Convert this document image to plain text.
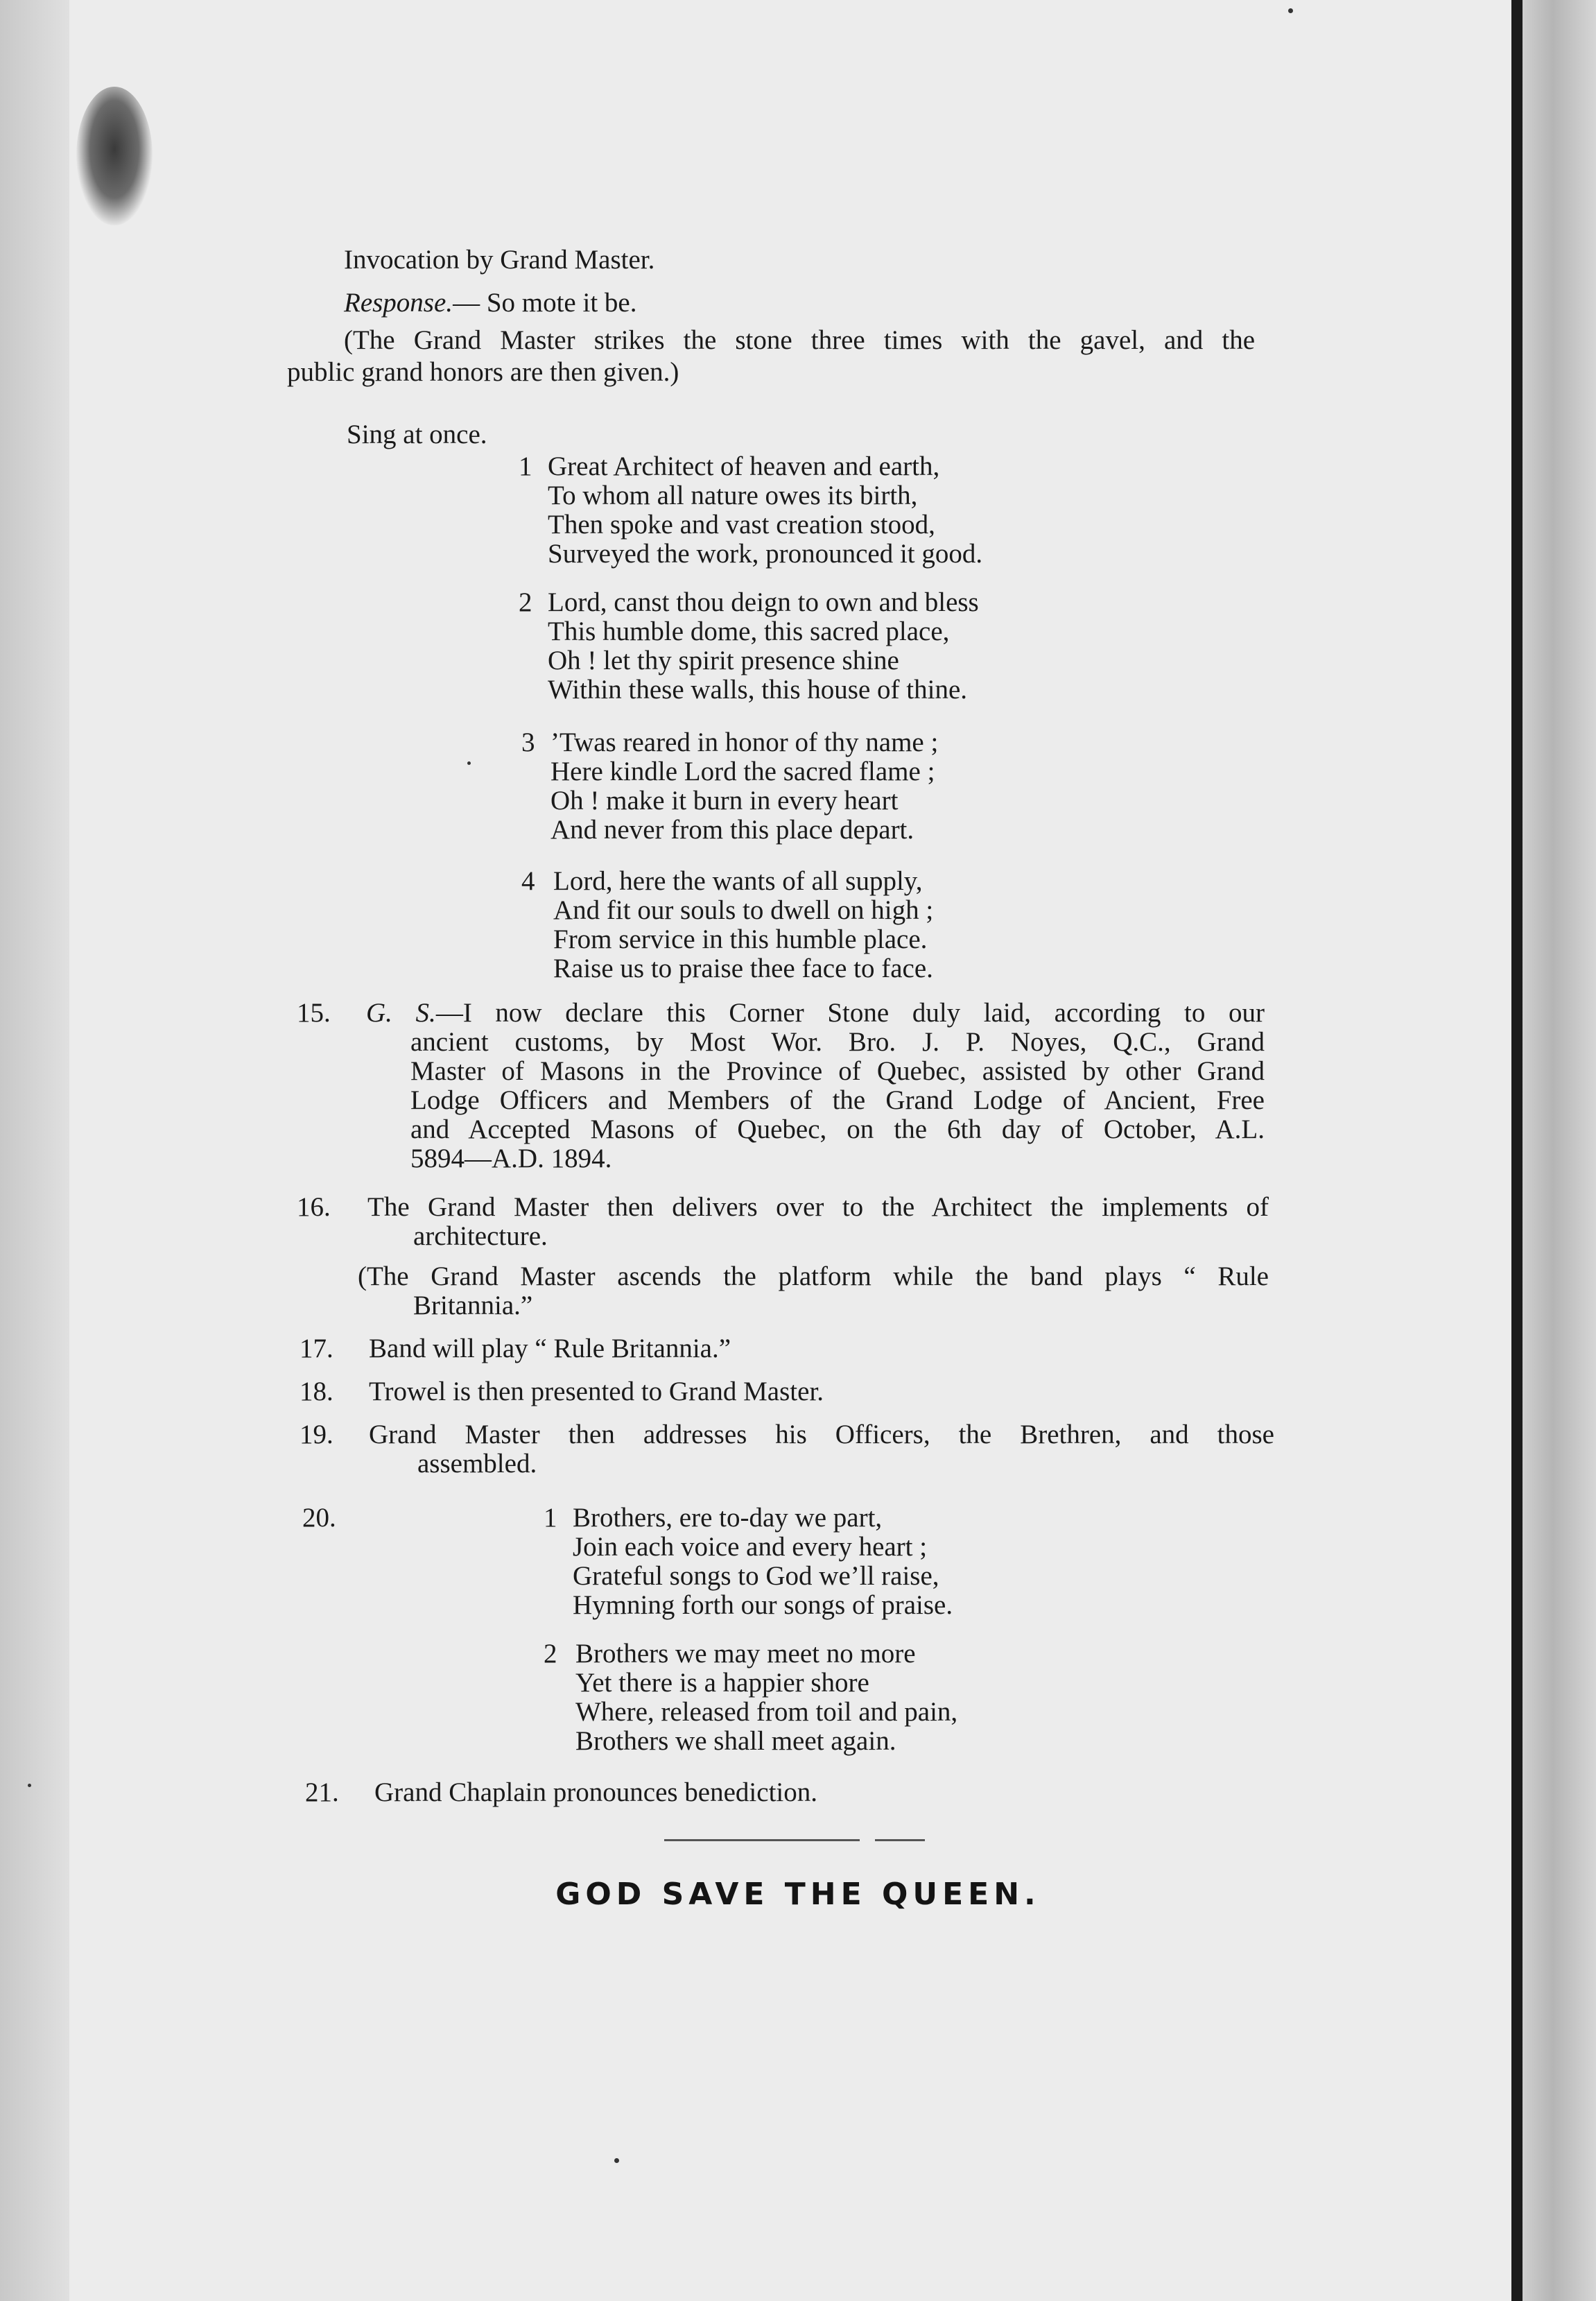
Invocation by Grand Master.
Response.— So mote it be.
(The Grand Master strikes the stone three times with the gavel, and the
public grand honors are then given.)
Sing at once.
1 Great Architect of heaven and earth,
To whom all nature owes its birth,
Then spoke and vast creation stood,
Surveyed the work, pronounced it good.
2 Lord, canst thou deign to own and bless
This humble dome, this sacred place,
Oh ! let thy spirit presence shine
Within these walls, this house of thine.
3 ’Twas reared in honor of thy name ;
Here kindle Lord the sacred flame ;
Oh ! make it burn in every heart
And never from this place depart.
4 Lord, here the wants of all supply,
And fit our souls to dwell on high ;
From service in this humble place.
Raise us to praise thee face to face.
15. G. S.—I now declare this Corner Stone duly laid, according to our
ancient customs, by Most Wor. Bro. J. P. Noyes, Q.C., Grand
Master of Masons in the Province of Quebec, assisted by other Grand
Lodge Officers and Members of the Grand Lodge of Ancient, Free
and Accepted Masons of Quebec, on the 6th day of October, A.L.
5894—A.D. 1894.
16. The Grand Master then delivers over to the Architect the implements of
architecture.
(The Grand Master ascends the platform while the band plays “ Rule
Britannia.”
17. Band will play “ Rule Britannia.”
18. Trowel is then presented to Grand Master.
19. Grand Master then addresses his Officers, the Brethren, and those
assembled.
20.	1 Brothers, ere to-day we part,
Join each voice and every heart ;
Grateful songs to God we’ll raise,
Hymning forth our songs of praise.
2 Brothers we may meet no more
Yet there is a happier shore
Where, released from toil and pain,
Brothers we shall meet again.
21. Grand Chaplain pronounces benediction.
GOD SAVE THE QUEEN.
